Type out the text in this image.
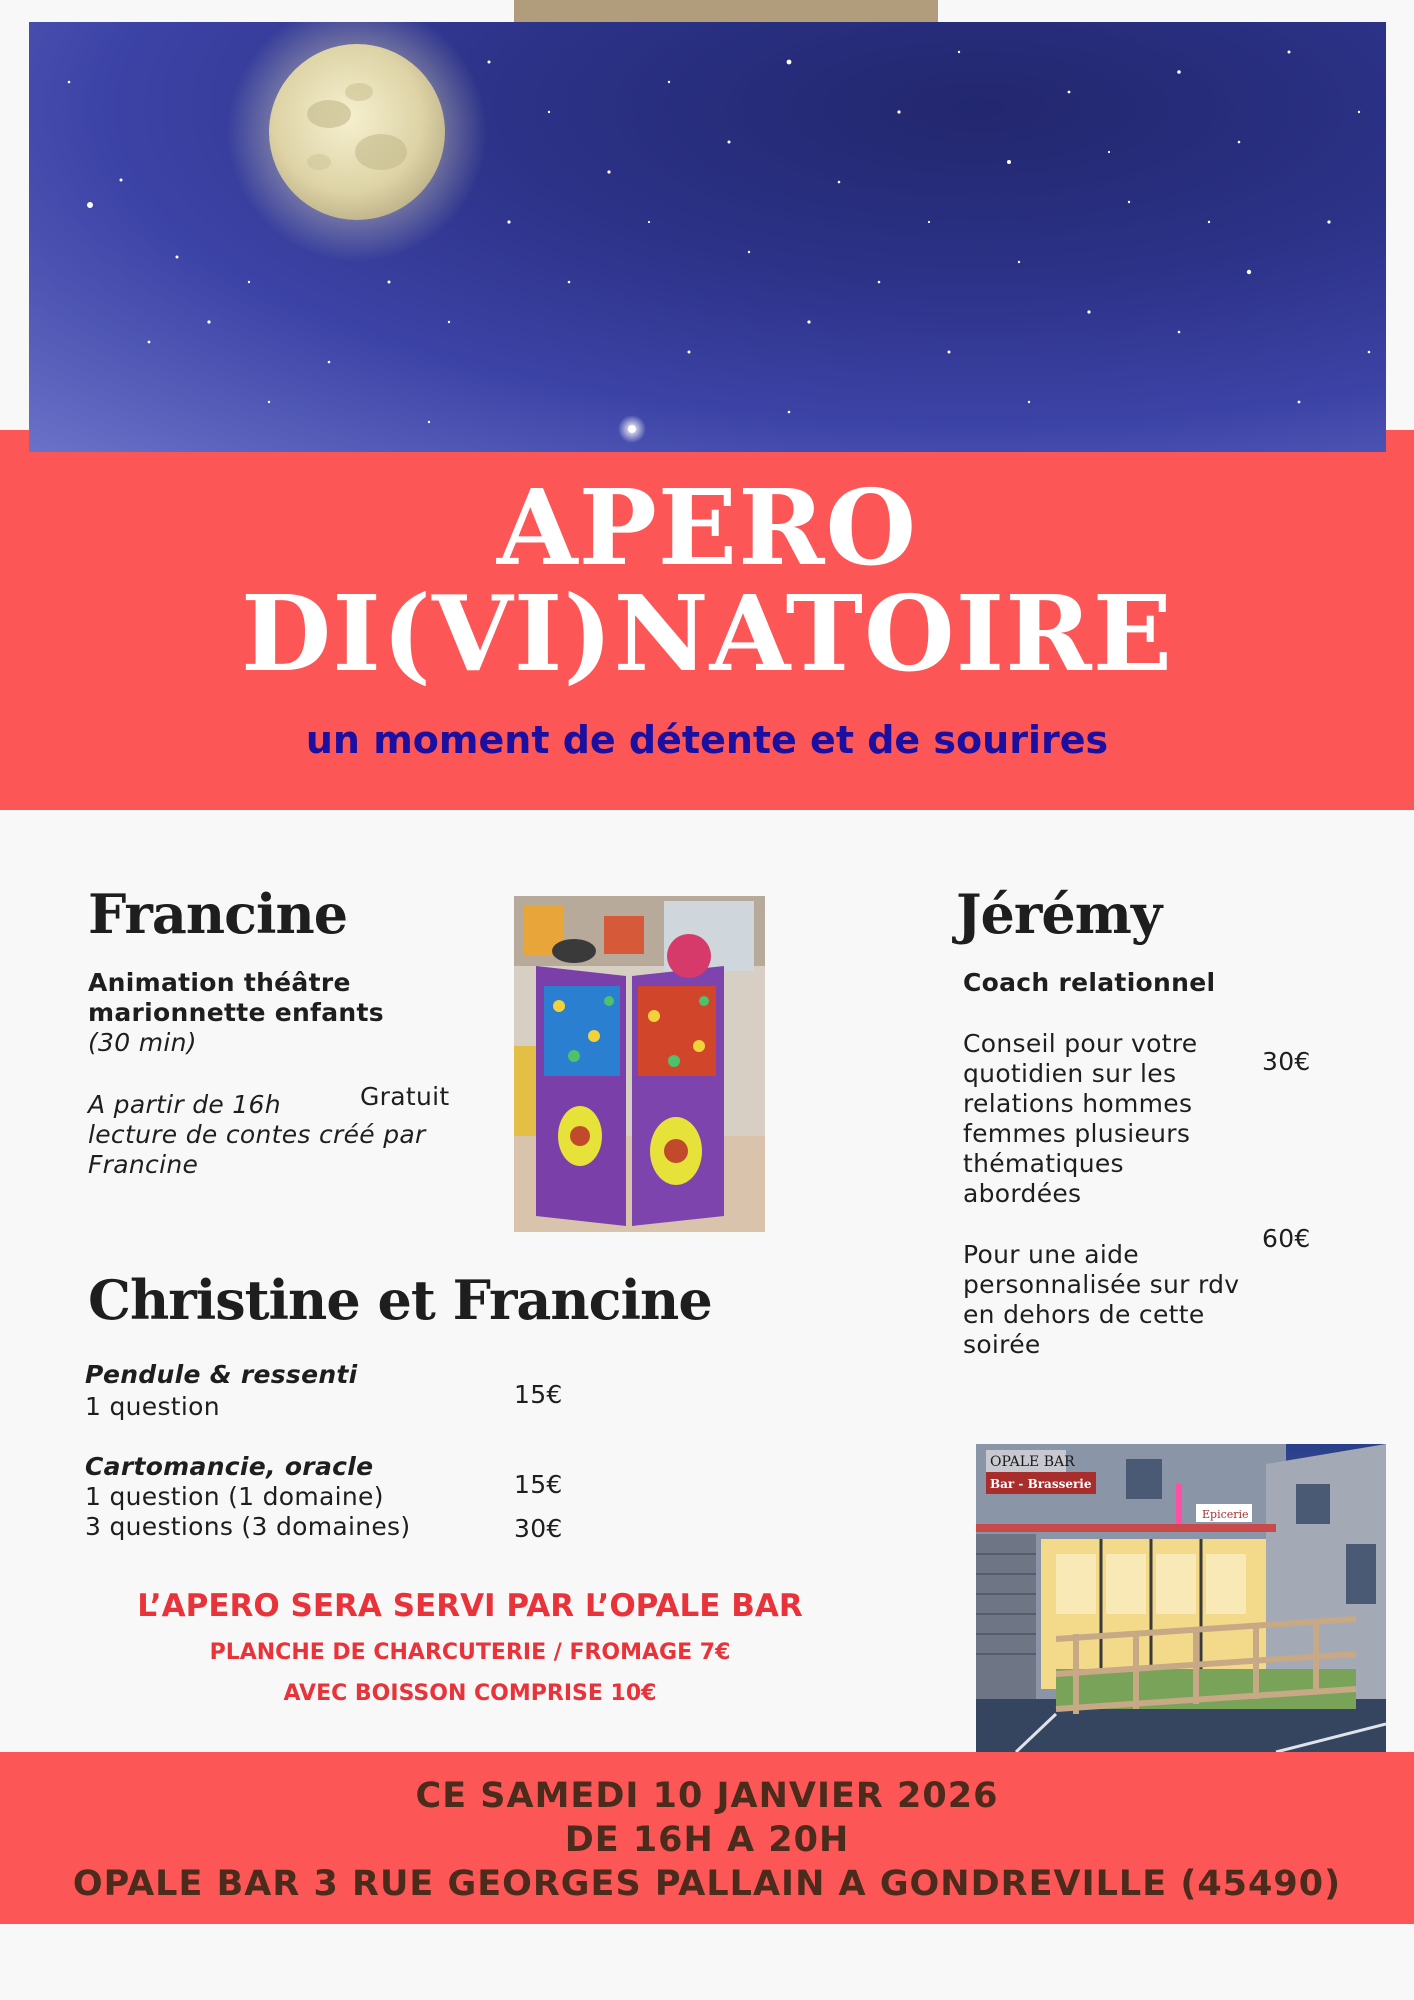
APERO
DI(VI)NATOIRE
un moment de détente et de sourires
Francine
Animation théâtre
marionnette enfants
(30 min)
A partir de 16h	Gratuit
lecture de contes créé par
Francine
Christine et Francine
Pendule & ressenti
1 question	15€
Cartomancie, oracle
1 question (1 domaine)	15€
3 questions (3 domaines)	30€
Jérémy
Coach relationnel
Conseil pour votre
quotidien sur les
relations hommes
femmes plusieurs
thématiques
abordées
30€
Pour une aide
personnalisée sur rdv
en dehors de cette
soirée
60€
L’APERO SERA SERVI PAR L’OPALE BAR
PLANCHE DE CHARCUTERIE / FROMAGE 7€
AVEC BOISSON COMPRISE 10€
OPALE BAR
Bar - Brasserie
Epicerie
CE SAMEDI 10 JANVIER 2026
DE 16H A 20H
OPALE BAR 3 RUE GEORGES PALLAIN A GONDREVILLE (45490)
